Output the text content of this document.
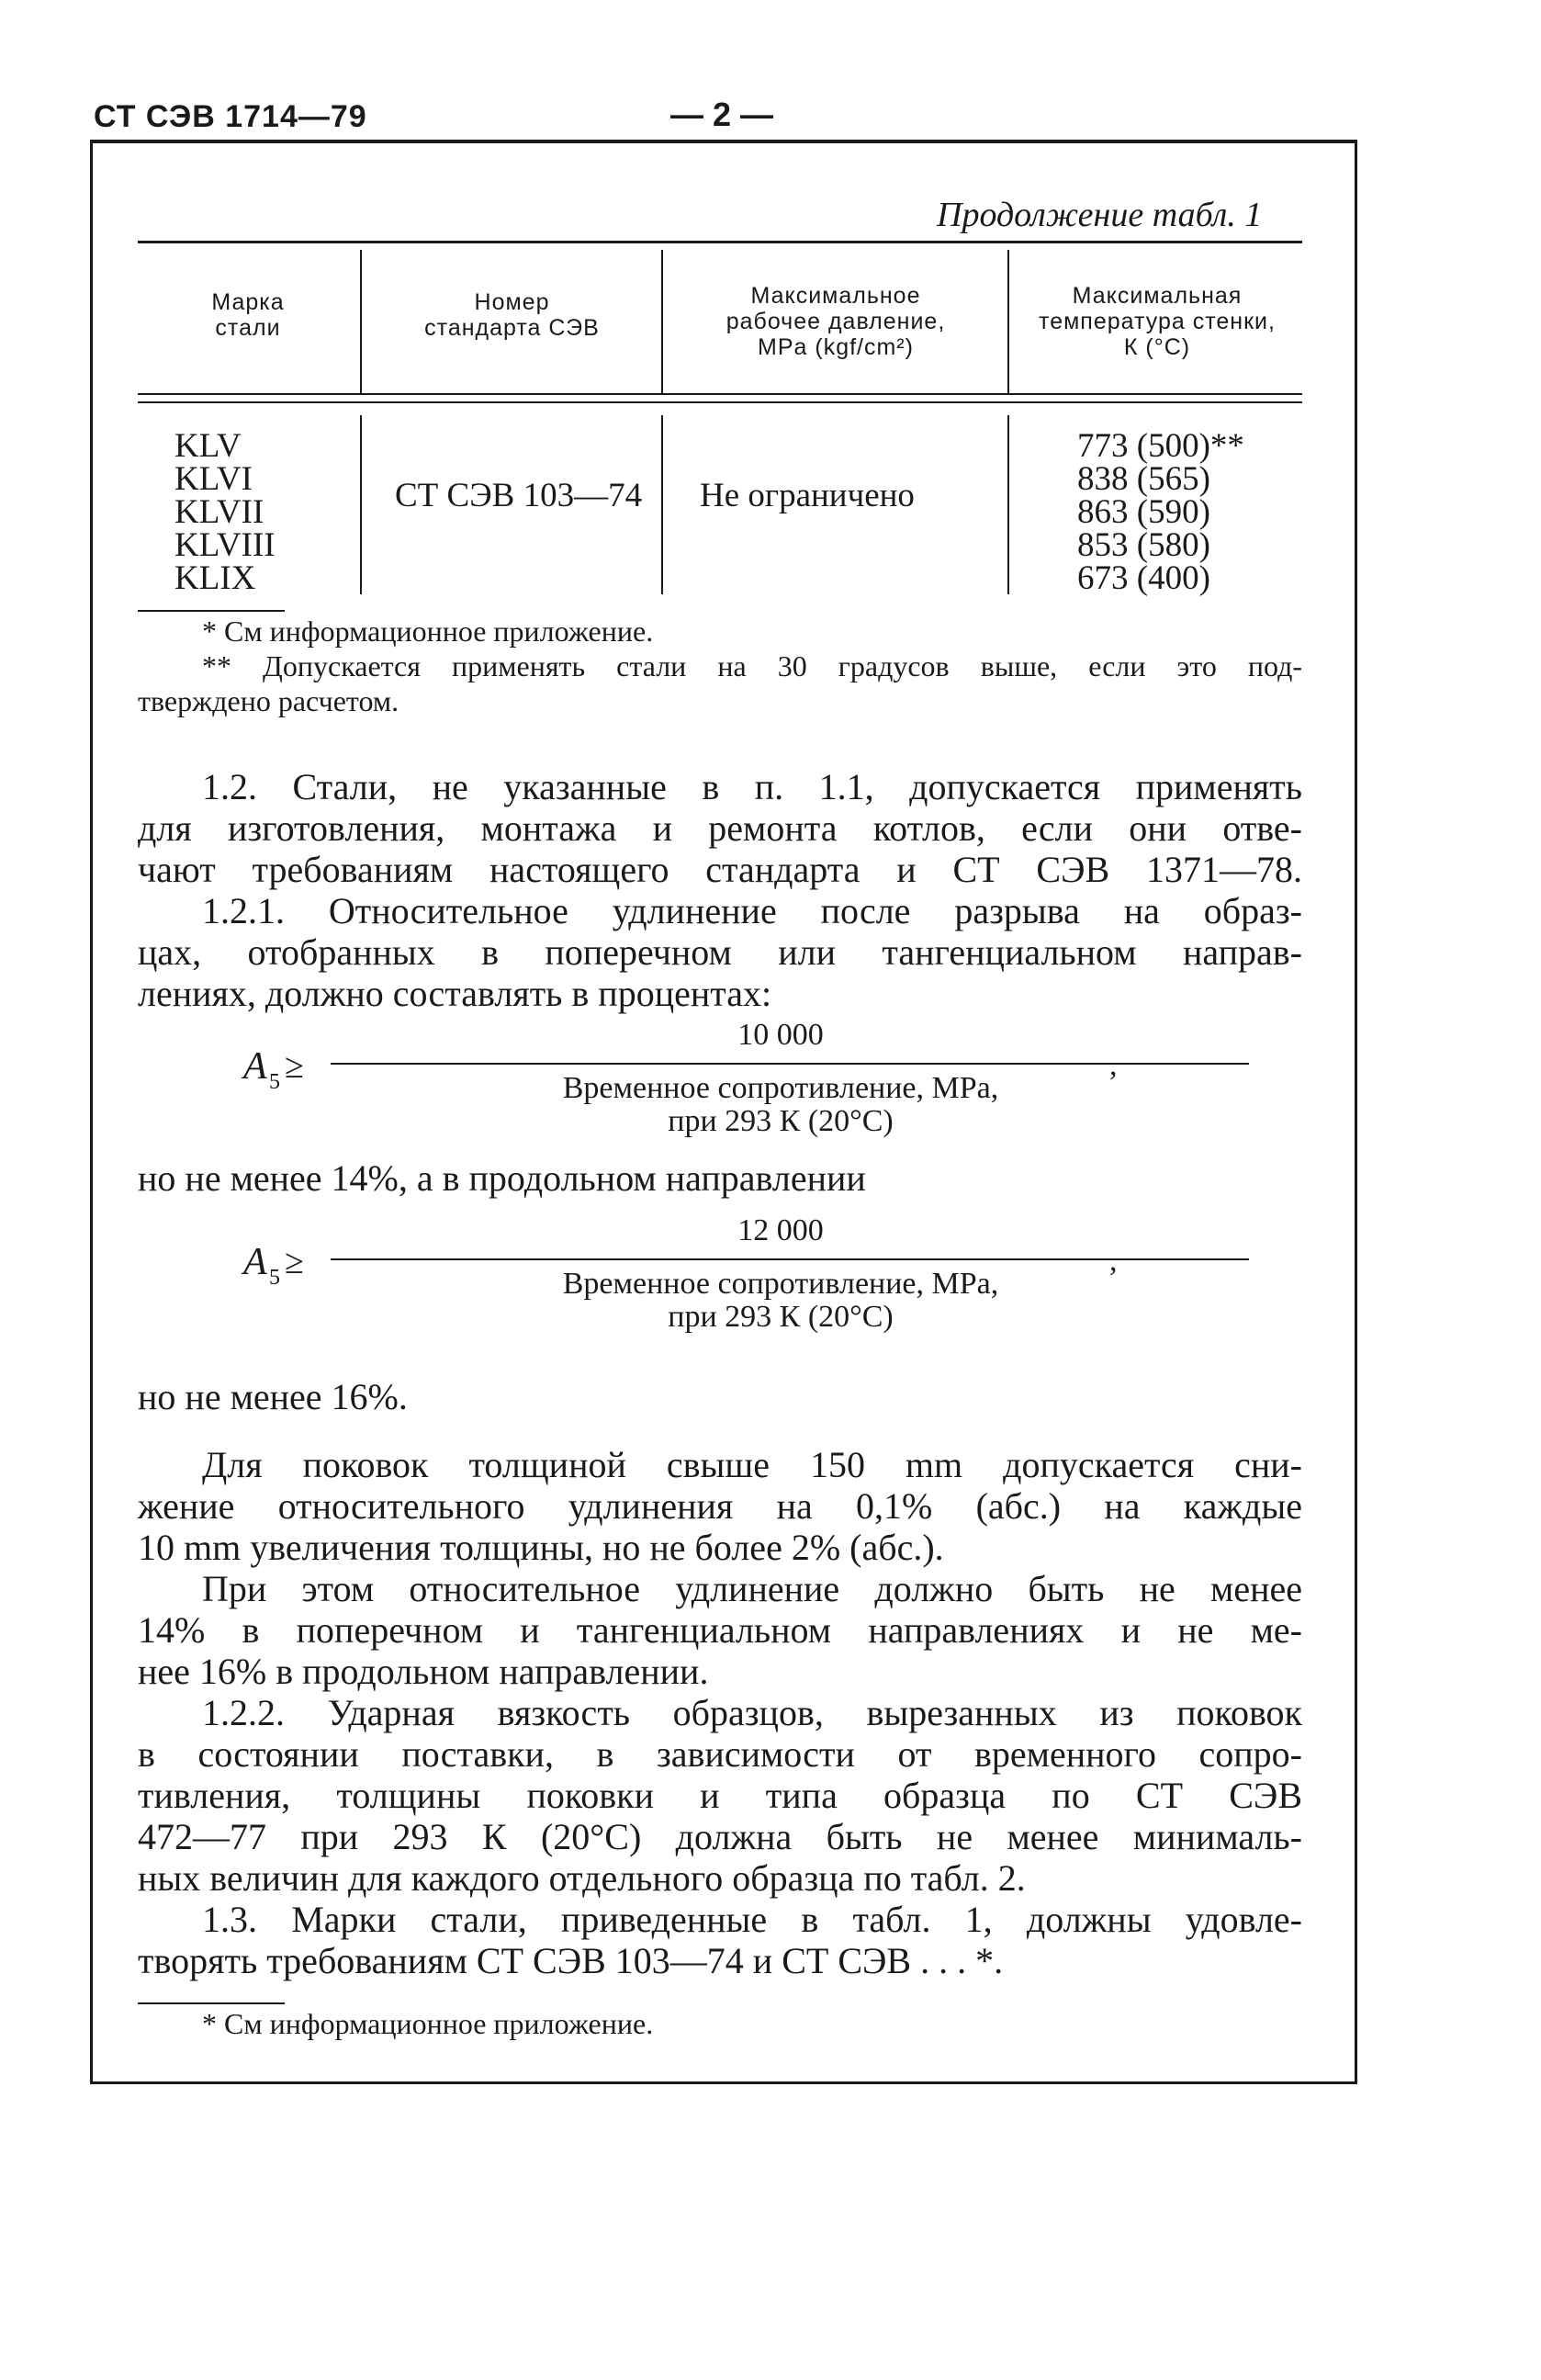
СТ СЭВ 1714—79	— 2 —
Продолжение табл. 1
Марка
стали
Номер
стандарта СЭВ
Максимальное
рабочее давление,
MPa (kgf/cm²)
Максимальная
температура стенки,
К (°С)
KLV
KLVI
KLVII
KLVIII
KLIX
СТ СЭВ 103—74 Не ограничено
773 (500)**
838 (565)
863 (590)
853 (580)
673 (400)
* См информационное приложение.
** Допускается применять стали на 30 градусов выше, если это под-
тверждено расчетом.
1.2. Стали, не указанные в п. 1.1, допускается применять
для изготовления, монтажа и ремонта котлов, если они отве-
чают требованиям настоящего стандарта и СТ СЭВ 1371—78.
1.2.1. Относительное удлинение после разрыва на образ-
цах, отобранных в поперечном или тангенциальном направ-
лениях, должно составлять в процентах:
A 5 ≥
10 000
Временное сопротивление, MPa,
при 293 К (20°С)
,
но не менее 14%, а в продольном направлении
A 5 ≥
12 000
Временное сопротивление, MPa,
при 293 К (20°С)
,
но не менее 16%.
Для поковок толщиной свыше 150 mm допускается сни-
жение относительного удлинения на 0,1% (абс.) на каждые
10 mm увеличения толщины, но не более 2% (абс.).
При этом относительное удлинение должно быть не менее
14% в поперечном и тангенциальном направлениях и не ме-
нее 16% в продольном направлении.
1.2.2. Ударная вязкость образцов, вырезанных из поковок
в состоянии поставки, в зависимости от временного сопро-
тивления, толщины поковки и типа образца по СТ СЭВ
472—77 при 293 К (20°С) должна быть не менее минималь-
ных величин для каждого отдельного образца по табл. 2.
1.3. Марки стали, приведенные в табл. 1, должны удовле-
творять требованиям СТ СЭВ 103—74 и СТ СЭВ . . . *.
* См информационное приложение.
